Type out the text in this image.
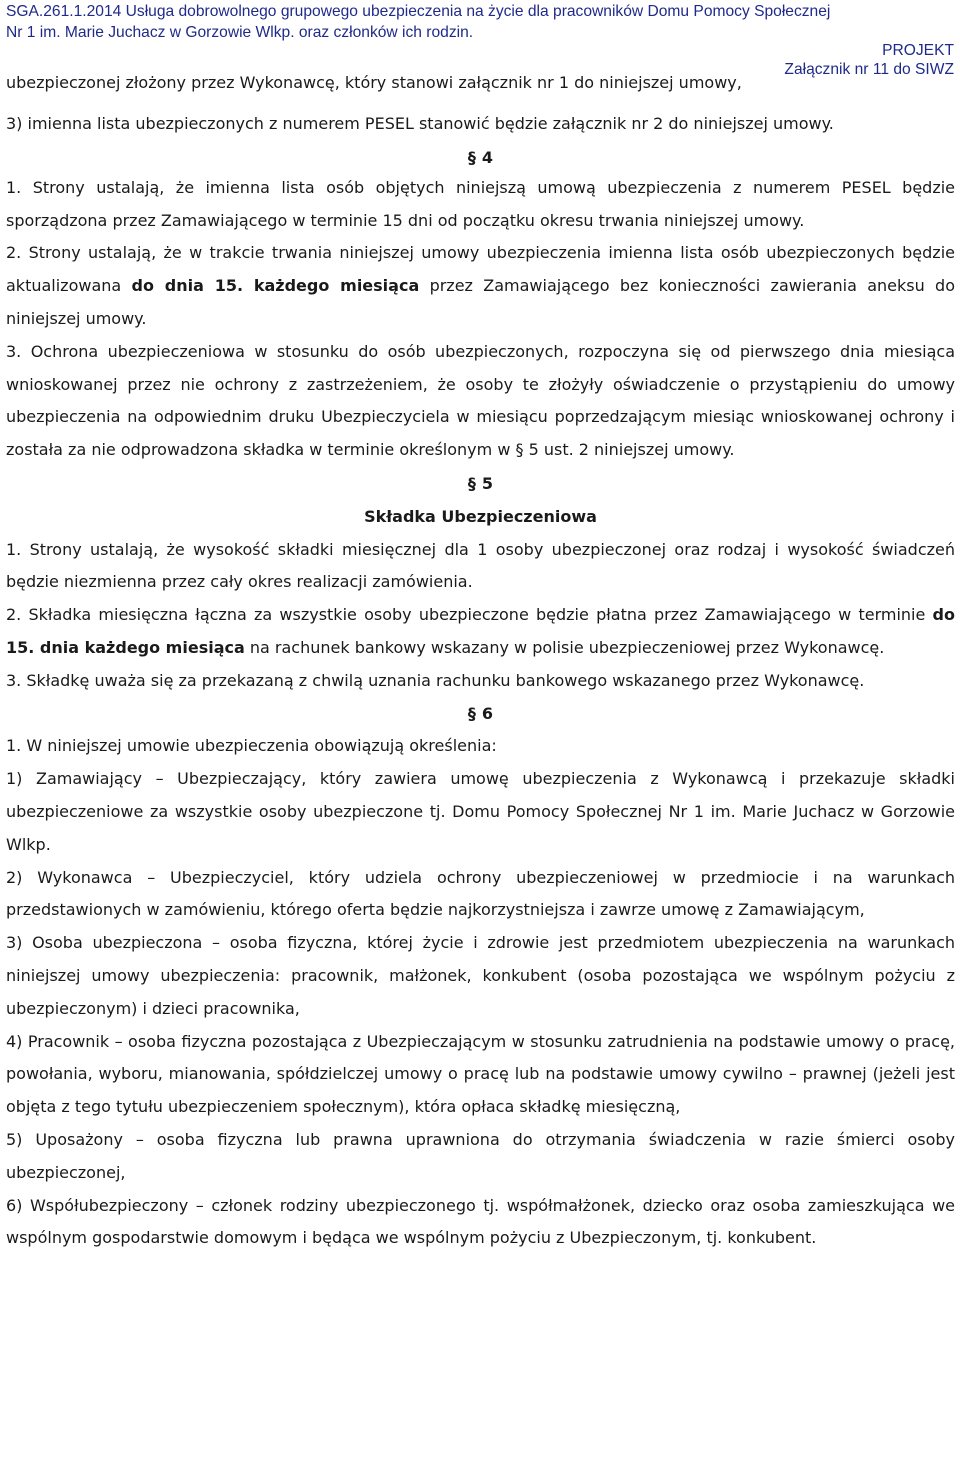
SGA.261.1.2014 Usługa dobrowolnego grupowego ubezpieczenia na życie dla pracowników Domu Pomocy Społecznej
Nr 1 im. Marie Juchacz w Gorzowie Wlkp. oraz członków ich rodzin.
PROJEKT
Załącznik nr 11 do SIWZ

ubezpieczonej złożony przez Wykonawcę, który stanowi załącznik nr 1 do niniejszej umowy,

3) imienna lista ubezpieczonych z numerem PESEL stanowić będzie załącznik nr 2 do niniejszej umowy.

§ 4

1. Strony ustalają, że imienna lista osób objętych niniejszą umową ubezpieczenia z numerem PESEL będzie sporządzona przez Zamawiającego w terminie 15 dni od początku okresu trwania niniejszej umowy.

2. Strony ustalają, że w trakcie trwania niniejszej umowy ubezpieczenia imienna lista osób ubezpieczonych będzie aktualizowana do dnia 15. każdego miesiąca przez Zamawiającego bez konieczności zawierania aneksu do niniejszej umowy.

3. Ochrona ubezpieczeniowa w stosunku do osób ubezpieczonych, rozpoczyna się od pierwszego dnia miesiąca wnioskowanej przez nie ochrony z zastrzeżeniem, że osoby te złożyły oświadczenie o przystąpieniu do umowy ubezpieczenia na odpowiednim druku Ubezpieczyciela w miesiącu poprzedzającym miesiąc wnioskowanej ochrony i została za nie odprowadzona składka w terminie określonym w § 5 ust. 2 niniejszej umowy.

§ 5

Składka Ubezpieczeniowa

1. Strony ustalają, że wysokość składki miesięcznej dla 1 osoby ubezpieczonej oraz rodzaj i wysokość świadczeń będzie niezmienna przez cały okres realizacji zamówienia.

2. Składka miesięczna łączna za wszystkie osoby ubezpieczone będzie płatna przez Zamawiającego w terminie do 15. dnia każdego miesiąca na rachunek bankowy wskazany w polisie ubezpieczeniowej przez Wykonawcę.

3. Składkę uważa się za przekazaną z chwilą uznania rachunku bankowego wskazanego przez Wykonawcę.

§ 6

1. W niniejszej umowie ubezpieczenia obowiązują określenia:

1) Zamawiający – Ubezpieczający, który zawiera umowę ubezpieczenia z Wykonawcą i przekazuje składki ubezpieczeniowe za wszystkie osoby ubezpieczone tj. Domu Pomocy Społecznej Nr 1 im. Marie Juchacz w Gorzowie Wlkp.

2) Wykonawca – Ubezpieczyciel, który udziela ochrony ubezpieczeniowej w przedmiocie i na warunkach przedstawionych w zamówieniu, którego oferta będzie najkorzystniejsza i zawrze umowę z Zamawiającym,

3) Osoba ubezpieczona – osoba fizyczna, której życie i zdrowie jest przedmiotem ubezpieczenia na warunkach niniejszej umowy ubezpieczenia: pracownik, małżonek, konkubent (osoba pozostająca we wspólnym pożyciu z ubezpieczonym) i dzieci pracownika,

4) Pracownik – osoba fizyczna pozostająca z Ubezpieczającym w stosunku zatrudnienia na podstawie umowy o pracę, powołania, wyboru, mianowania, spółdzielczej umowy o pracę lub na podstawie umowy cywilno – prawnej (jeżeli jest objęta z tego tytułu ubezpieczeniem społecznym), która opłaca składkę miesięczną,

5) Uposażony – osoba fizyczna lub prawna uprawniona do otrzymania świadczenia w razie śmierci osoby ubezpieczonej,

6) Współubezpieczony – członek rodziny ubezpieczonego tj. współmałżonek, dziecko oraz osoba zamieszkująca we wspólnym gospodarstwie domowym i będąca we wspólnym pożyciu z Ubezpieczonym, tj. konkubent.
